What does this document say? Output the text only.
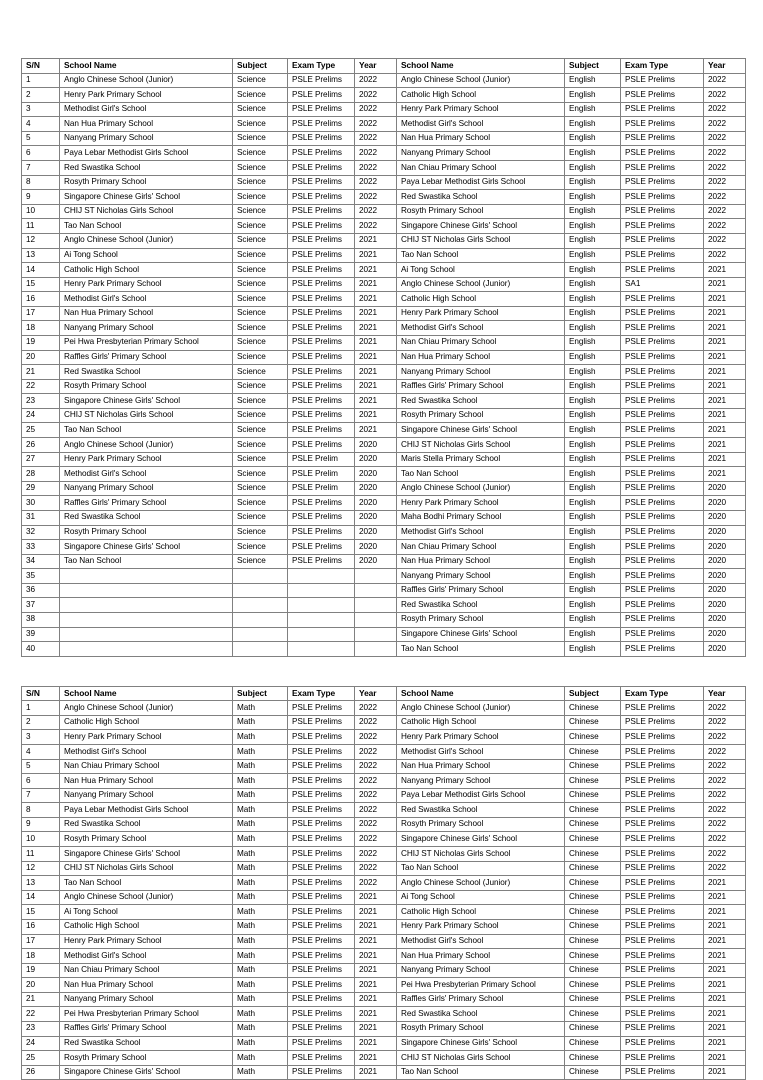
S/N	School Name	Subject	Exam Type	Year	School Name	Subject	Exam Type	Year
1	Anglo Chinese School (Junior)	Science	PSLE Prelims	2022	Anglo Chinese School (Junior)	English	PSLE Prelims	2022
2	Henry Park Primary School	Science	PSLE Prelims	2022	Catholic High School	English	PSLE Prelims	2022
3	Methodist Girl's School	Science	PSLE Prelims	2022	Henry Park Primary School	English	PSLE Prelims	2022
4	Nan Hua Primary School	Science	PSLE Prelims	2022	Methodist Girl's School	English	PSLE Prelims	2022
5	Nanyang Primary School	Science	PSLE Prelims	2022	Nan Hua Primary School	English	PSLE Prelims	2022
6	Paya Lebar Methodist Girls School	Science	PSLE Prelims	2022	Nanyang Primary School	English	PSLE Prelims	2022
7	Red Swastika School	Science	PSLE Prelims	2022	Nan Chiau Primary School	English	PSLE Prelims	2022
8	Rosyth Primary School	Science	PSLE Prelims	2022	Paya Lebar Methodist Girls School	English	PSLE Prelims	2022
9	Singapore Chinese Girls' School	Science	PSLE Prelims	2022	Red Swastika School	English	PSLE Prelims	2022
10	CHIJ ST Nicholas Girls School	Science	PSLE Prelims	2022	Rosyth Primary School	English	PSLE Prelims	2022
11	Tao Nan School	Science	PSLE Prelims	2022	Singapore Chinese Girls' School	English	PSLE Prelims	2022
12	Anglo Chinese School (Junior)	Science	PSLE Prelims	2021	CHIJ ST Nicholas Girls School	English	PSLE Prelims	2022
13	Ai Tong School	Science	PSLE Prelims	2021	Tao Nan School	English	PSLE Prelims	2022
14	Catholic High School	Science	PSLE Prelims	2021	Ai Tong School	English	PSLE Prelims	2021
15	Henry Park Primary School	Science	PSLE Prelims	2021	Anglo Chinese School (Junior)	English	SA1	2021
16	Methodist Girl's School	Science	PSLE Prelims	2021	Catholic High School	English	PSLE Prelims	2021
17	Nan Hua Primary School	Science	PSLE Prelims	2021	Henry Park Primary School	English	PSLE Prelims	2021
18	Nanyang Primary School	Science	PSLE Prelims	2021	Methodist Girl's School	English	PSLE Prelims	2021
19	Pei Hwa Presbyterian Primary School	Science	PSLE Prelims	2021	Nan Chiau Primary School	English	PSLE Prelims	2021
20	Raffles Girls' Primary School	Science	PSLE Prelims	2021	Nan Hua Primary School	English	PSLE Prelims	2021
21	Red Swastika School	Science	PSLE Prelims	2021	Nanyang Primary School	English	PSLE Prelims	2021
22	Rosyth Primary School	Science	PSLE Prelims	2021	Raffles Girls' Primary School	English	PSLE Prelims	2021
23	Singapore Chinese Girls' School	Science	PSLE Prelims	2021	Red Swastika School	English	PSLE Prelims	2021
24	CHIJ ST Nicholas Girls School	Science	PSLE Prelims	2021	Rosyth Primary School	English	PSLE Prelims	2021
25	Tao Nan School	Science	PSLE Prelims	2021	Singapore Chinese Girls' School	English	PSLE Prelims	2021
26	Anglo Chinese School (Junior)	Science	PSLE Prelims	2020	CHIJ ST Nicholas Girls School	English	PSLE Prelims	2021
27	Henry Park Primary School	Science	PSLE Prelim	2020	Maris Stella Primary School	English	PSLE Prelims	2021
28	Methodist Girl's School	Science	PSLE Prelim	2020	Tao Nan School	English	PSLE Prelims	2021
29	Nanyang Primary School	Science	PSLE Prelim	2020	Anglo Chinese School (Junior)	English	PSLE Prelims	2020
30	Raffles Girls' Primary School	Science	PSLE Prelims	2020	Henry Park Primary School	English	PSLE Prelims	2020
31	Red Swastika School	Science	PSLE Prelims	2020	Maha Bodhi Primary School	English	PSLE Prelims	2020
32	Rosyth Primary School	Science	PSLE Prelims	2020	Methodist Girl's School	English	PSLE Prelims	2020
33	Singapore Chinese Girls' School	Science	PSLE Prelims	2020	Nan Chiau Primary School	English	PSLE Prelims	2020
34	Tao Nan School	Science	PSLE Prelims	2020	Nan Hua Primary School	English	PSLE Prelims	2020
35					Nanyang Primary School	English	PSLE Prelims	2020
36					Raffles Girls' Primary School	English	PSLE Prelims	2020
37					Red Swastika School	English	PSLE Prelims	2020
38					Rosyth Primary School	English	PSLE Prelims	2020
39					Singapore Chinese Girls' School	English	PSLE Prelims	2020
40					Tao Nan School	English	PSLE Prelims	2020
S/N	School Name	Subject	Exam Type	Year	School Name	Subject	Exam Type	Year
1	Anglo Chinese School (Junior)	Math	PSLE Prelims	2022	Anglo Chinese School (Junior)	Chinese	PSLE Prelims	2022
2	Catholic High School	Math	PSLE Prelims	2022	Catholic High School	Chinese	PSLE Prelims	2022
3	Henry Park Primary School	Math	PSLE Prelims	2022	Henry Park Primary School	Chinese	PSLE Prelims	2022
4	Methodist Girl's School	Math	PSLE Prelims	2022	Methodist Girl's School	Chinese	PSLE Prelims	2022
5	Nan Chiau Primary School	Math	PSLE Prelims	2022	Nan Hua Primary School	Chinese	PSLE Prelims	2022
6	Nan Hua Primary School	Math	PSLE Prelims	2022	Nanyang Primary School	Chinese	PSLE Prelims	2022
7	Nanyang Primary School	Math	PSLE Prelims	2022	Paya Lebar Methodist Girls School	Chinese	PSLE Prelims	2022
8	Paya Lebar Methodist Girls School	Math	PSLE Prelims	2022	Red Swastika School	Chinese	PSLE Prelims	2022
9	Red Swastika School	Math	PSLE Prelims	2022	Rosyth Primary School	Chinese	PSLE Prelims	2022
10	Rosyth Primary School	Math	PSLE Prelims	2022	Singapore Chinese Girls' School	Chinese	PSLE Prelims	2022
11	Singapore Chinese Girls' School	Math	PSLE Prelims	2022	CHIJ ST Nicholas Girls School	Chinese	PSLE Prelims	2022
12	CHIJ ST Nicholas Girls School	Math	PSLE Prelims	2022	Tao Nan School	Chinese	PSLE Prelims	2022
13	Tao Nan School	Math	PSLE Prelims	2022	Anglo Chinese School (Junior)	Chinese	PSLE Prelims	2021
14	Anglo Chinese School (Junior)	Math	PSLE Prelims	2021	Ai Tong School	Chinese	PSLE Prelims	2021
15	Ai Tong School	Math	PSLE Prelims	2021	Catholic High School	Chinese	PSLE Prelims	2021
16	Catholic High School	Math	PSLE Prelims	2021	Henry Park Primary School	Chinese	PSLE Prelims	2021
17	Henry Park Primary School	Math	PSLE Prelims	2021	Methodist Girl's School	Chinese	PSLE Prelims	2021
18	Methodist Girl's School	Math	PSLE Prelims	2021	Nan Hua Primary School	Chinese	PSLE Prelims	2021
19	Nan Chiau Primary School	Math	PSLE Prelims	2021	Nanyang Primary School	Chinese	PSLE Prelims	2021
20	Nan Hua Primary School	Math	PSLE Prelims	2021	Pei Hwa Presbyterian Primary School	Chinese	PSLE Prelims	2021
21	Nanyang Primary School	Math	PSLE Prelims	2021	Raffles Girls' Primary School	Chinese	PSLE Prelims	2021
22	Pei Hwa Presbyterian Primary School	Math	PSLE Prelims	2021	Red Swastika School	Chinese	PSLE Prelims	2021
23	Raffles Girls' Primary School	Math	PSLE Prelims	2021	Rosyth Primary School	Chinese	PSLE Prelims	2021
24	Red Swastika School	Math	PSLE Prelims	2021	Singapore Chinese Girls' School	Chinese	PSLE Prelims	2021
25	Rosyth Primary School	Math	PSLE Prelims	2021	CHIJ ST Nicholas Girls School	Chinese	PSLE Prelims	2021
26	Singapore Chinese Girls' School	Math	PSLE Prelims	2021	Tao Nan School	Chinese	PSLE Prelims	2021
